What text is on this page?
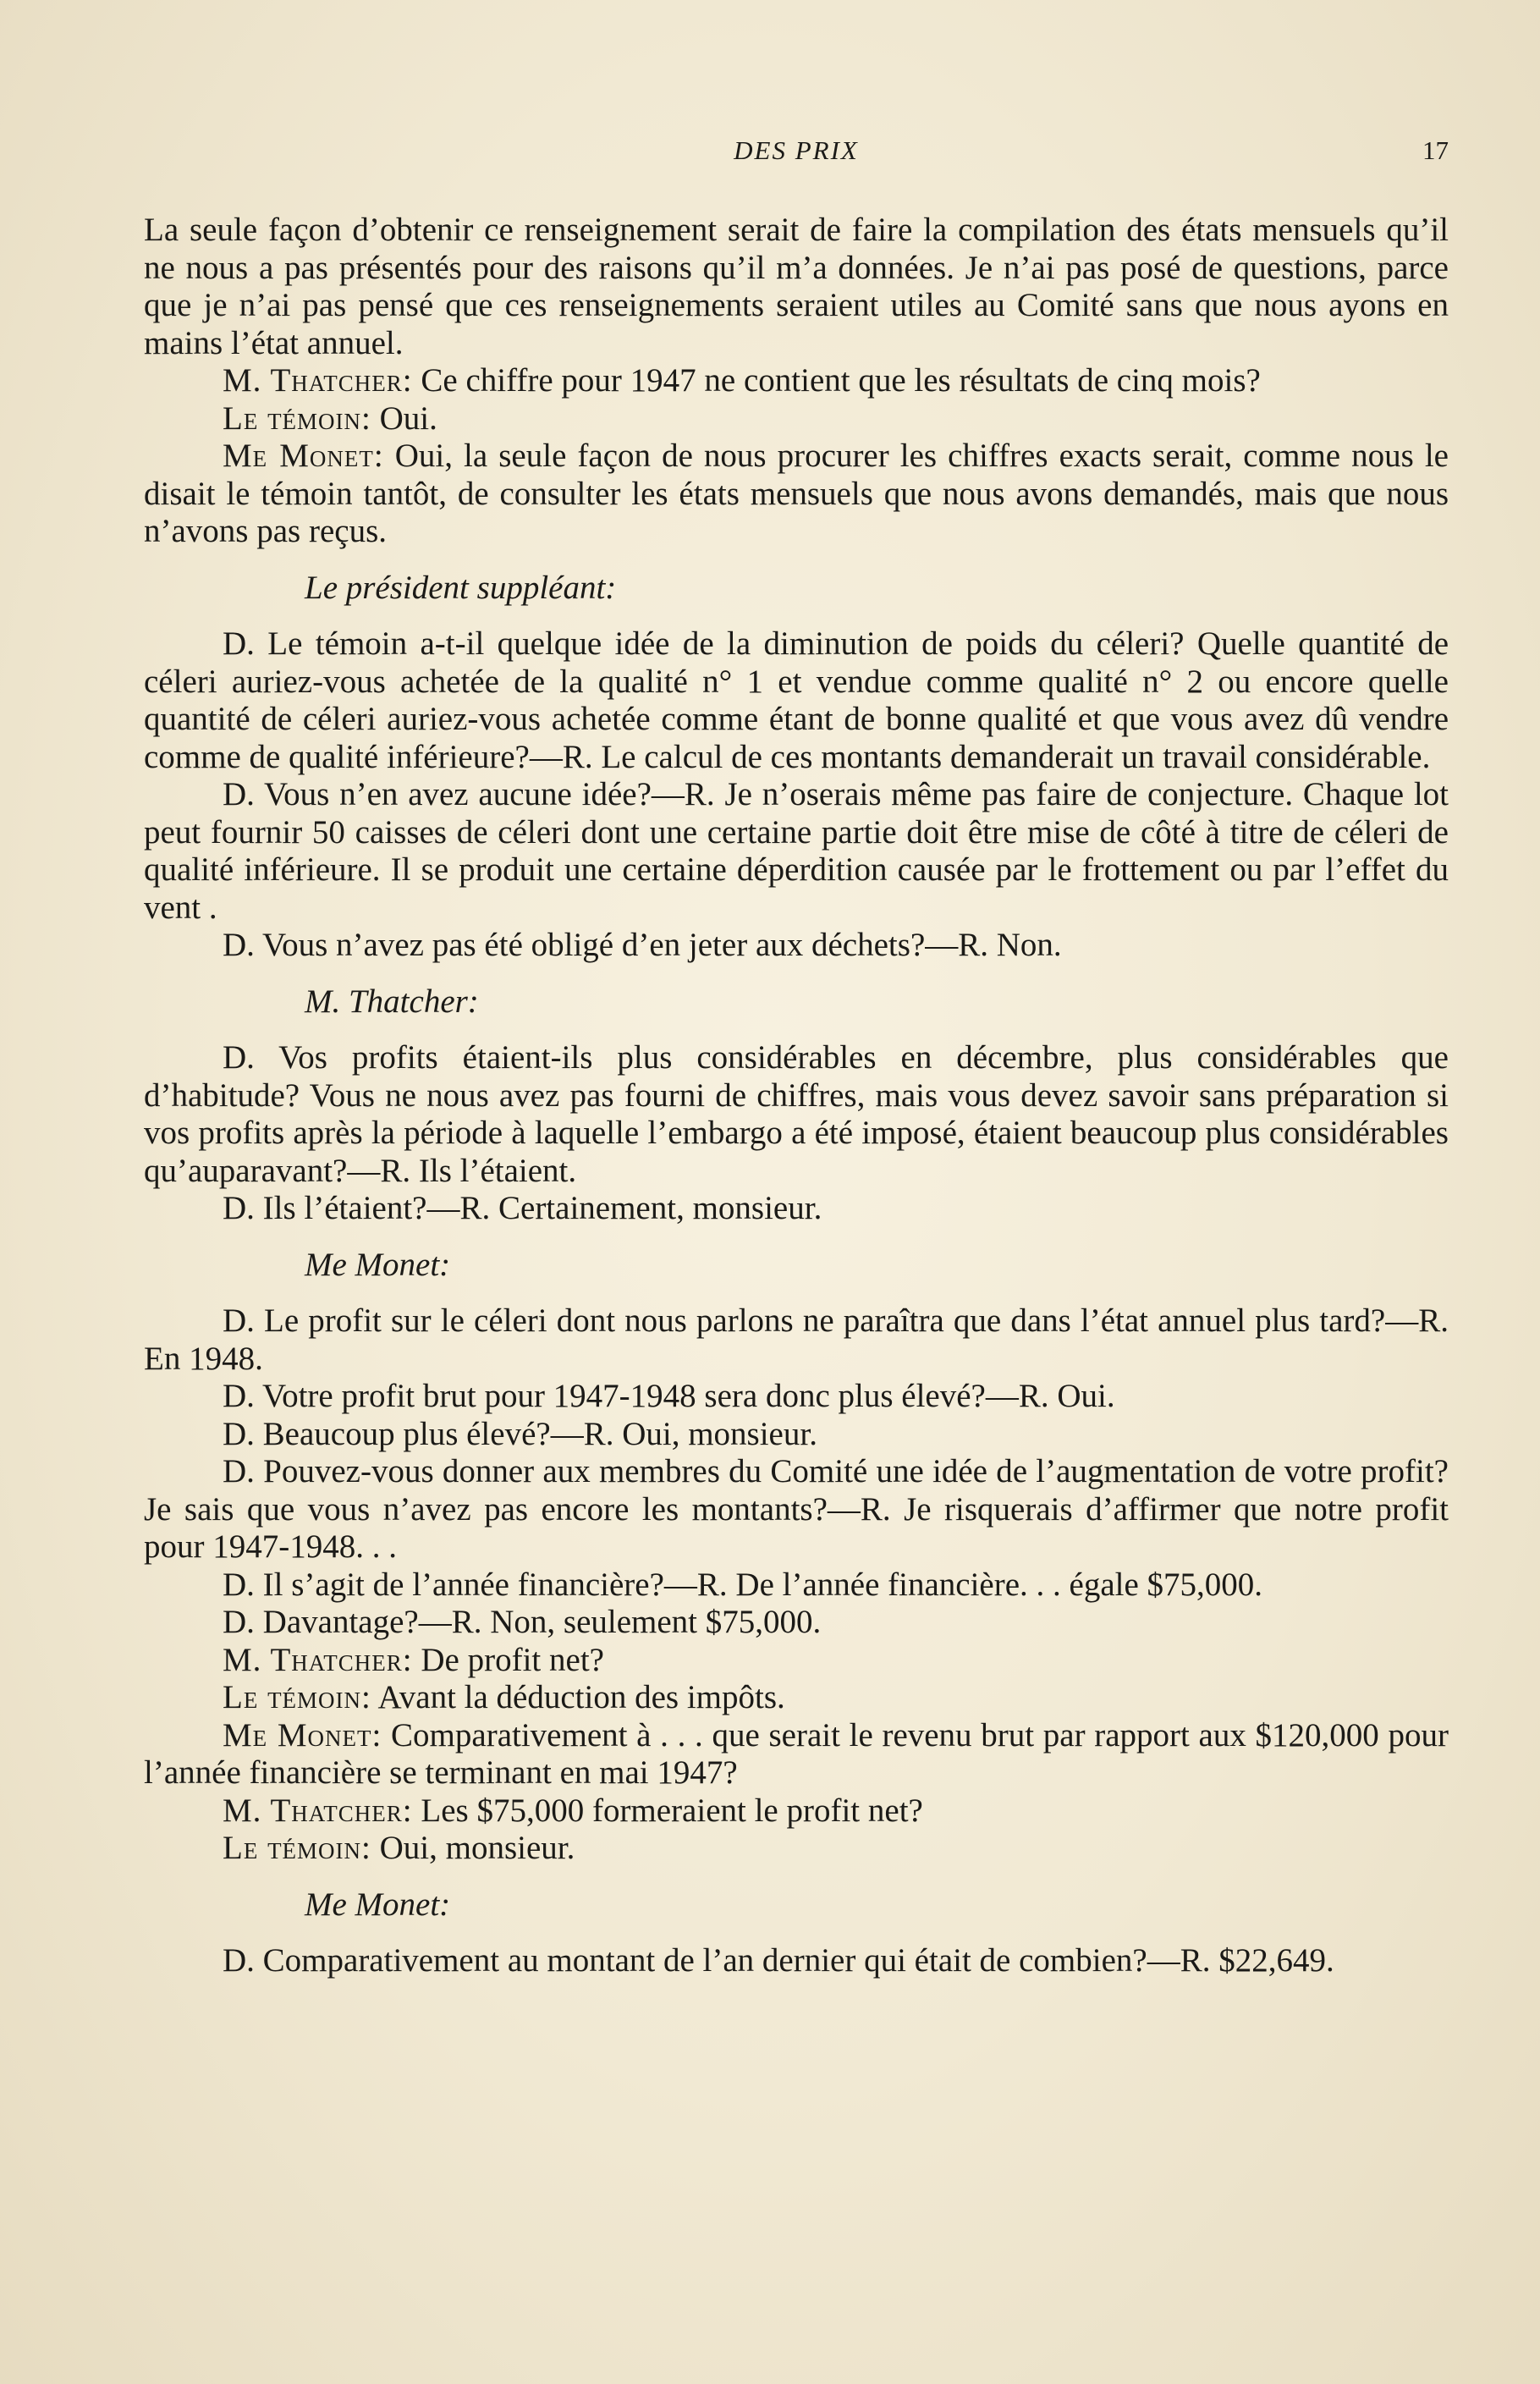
DES PRIX	17

La seule façon d’obtenir ce renseignement serait de faire la compilation des états mensuels qu’il ne nous a pas présentés pour des raisons qu’il m’a données. Je n’ai pas posé de questions, parce que je n’ai pas pensé que ces renseignements seraient utiles au Comité sans que nous ayons en mains l’état annuel.

M. Thatcher: Ce chiffre pour 1947 ne contient que les résultats de cinq mois?

Le témoin: Oui.

Me Monet: Oui, la seule façon de nous procurer les chiffres exacts serait, comme nous le disait le témoin tantôt, de consulter les états mensuels que nous avons demandés, mais que nous n’avons pas reçus.

Le président suppléant:

D. Le témoin a-t-il quelque idée de la diminution de poids du céleri? Quelle quantité de céleri auriez-vous achetée de la qualité n° 1 et vendue comme qualité n° 2 ou encore quelle quantité de céleri auriez-vous achetée comme étant de bonne qualité et que vous avez dû vendre comme de qualité inférieure?—R. Le calcul de ces montants demanderait un travail considérable.

D. Vous n’en avez aucune idée?—R. Je n’oserais même pas faire de conjecture. Chaque lot peut fournir 50 caisses de céleri dont une certaine partie doit être mise de côté à titre de céleri de qualité inférieure. Il se produit une certaine déperdition causée par le frottement ou par l’effet du vent .

D. Vous n’avez pas été obligé d’en jeter aux déchets?—R. Non.

M. Thatcher:

D. Vos profits étaient-ils plus considérables en décembre, plus considérables que d’habitude? Vous ne nous avez pas fourni de chiffres, mais vous devez savoir sans préparation si vos profits après la période à laquelle l’embargo a été imposé, étaient beaucoup plus considérables qu’auparavant?—R. Ils l’étaient.

D. Ils l’étaient?—R. Certainement, monsieur.

Me Monet:

D. Le profit sur le céleri dont nous parlons ne paraîtra que dans l’état annuel plus tard?—R. En 1948.

D. Votre profit brut pour 1947-1948 sera donc plus élevé?—R. Oui.

D. Beaucoup plus élevé?—R. Oui, monsieur.

D. Pouvez-vous donner aux membres du Comité une idée de l’augmentation de votre profit? Je sais que vous n’avez pas encore les montants?—R. Je risquerais d’affirmer que notre profit pour 1947-1948. . .

D. Il s’agit de l’année financière?—R. De l’année financière. . . égale $75,000.

D. Davantage?—R. Non, seulement $75,000.

M. Thatcher: De profit net?

Le témoin: Avant la déduction des impôts.

Me Monet: Comparativement à . . . que serait le revenu brut par rapport aux $120,000 pour l’année financière se terminant en mai 1947?

M. Thatcher: Les $75,000 formeraient le profit net?

Le témoin: Oui, monsieur.

Me Monet:

D. Comparativement au montant de l’an dernier qui était de combien?—R. $22,649.
